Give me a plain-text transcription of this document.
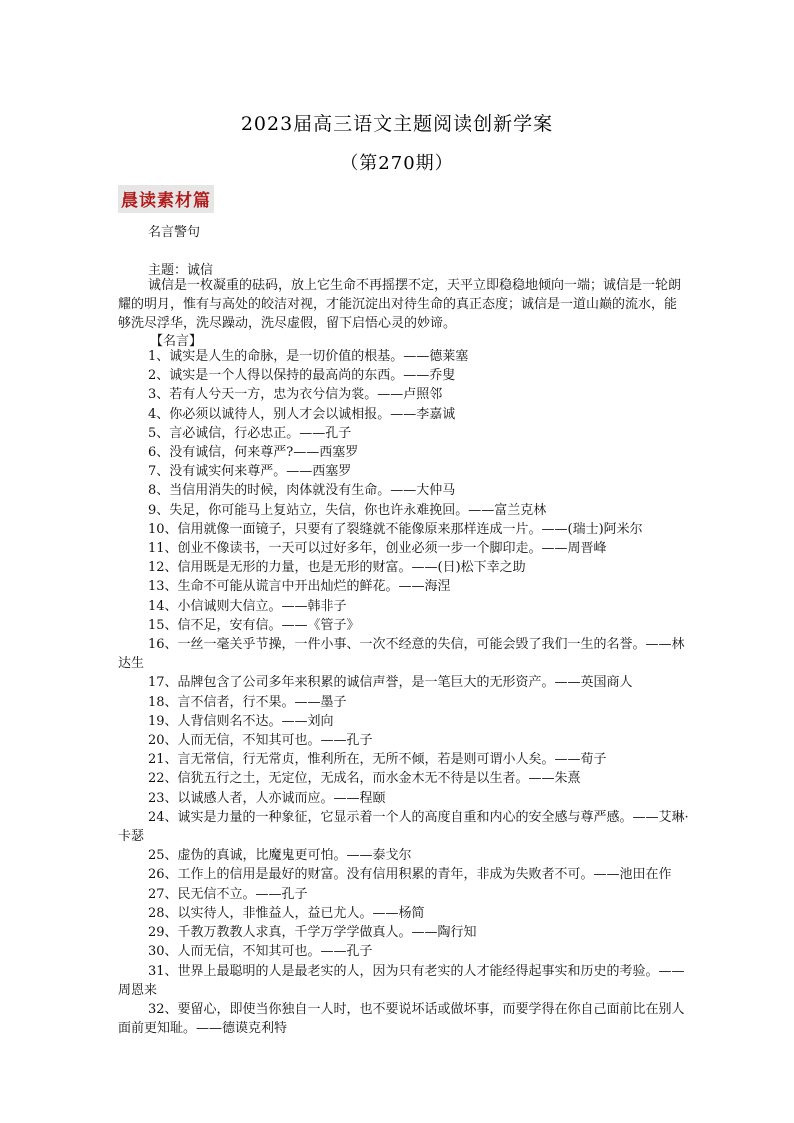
2023届高三语文主题阅读创新学案
（第270期）
晨读素材篇
名言警句
主题：诚信

诚信是一枚凝重的砝码，放上它生命不再摇摆不定，天平立即稳稳地倾向一端；诚信是一轮朗耀的明月，惟有与高处的皎洁对视，才能沉淀出对待生命的真正态度；诚信是一道山巅的流水，能够洗尽浮华，洗尽躁动，洗尽虚假，留下启悟心灵的妙谛。

【名言】
1、诚实是人生的命脉，是一切价值的根基。——德莱塞
2、诚实是一个人得以保持的最高尚的东西。——乔叟
3、若有人兮天一方，忠为衣兮信为裳。——卢照邻
4、你必须以诚待人，别人才会以诚相报。——李嘉诚
5、言必诚信，行必忠正。——孔子
6、没有诚信，何来尊严?——西塞罗
7、没有诚实何来尊严。——西塞罗
8、当信用消失的时候，肉体就没有生命。——大仲马
9、失足，你可能马上复站立，失信，你也许永难挽回。——富兰克林
10、信用就像一面镜子，只要有了裂缝就不能像原来那样连成一片。——(瑞士)阿米尔
11、创业不像读书，一天可以过好多年，创业必须一步一个脚印走。——周晋峰
12、信用既是无形的力量，也是无形的财富。——(日)松下幸之助
13、生命不可能从谎言中开出灿烂的鲜花。——海涅
14、小信诚则大信立。——韩非子
15、信不足，安有信。——《管子》
16、一丝一毫关乎节操，一件小事、一次不经意的失信，可能会毁了我们一生的名誉。——林达生
17、品牌包含了公司多年来积累的诚信声誉，是一笔巨大的无形资产。——英国商人
18、言不信者，行不果。——墨子
19、人背信则名不达。——刘向
20、人而无信，不知其可也。——孔子
21、言无常信，行无常贞，惟利所在，无所不倾，若是则可谓小人矣。——荀子
22、信犹五行之土，无定位，无成名，而水金木无不待是以生者。——朱熹
23、以诚感人者，人亦诚而应。——程颐
24、诚实是力量的一种象征，它显示着一个人的高度自重和内心的安全感与尊严感。——艾琳·卡瑟
25、虚伪的真诚，比魔鬼更可怕。——泰戈尔
26、工作上的信用是最好的财富。没有信用积累的青年，非成为失败者不可。——池田在作
27、民无信不立。——孔子
28、以实待人，非惟益人，益已尤人。——杨简
29、千教万教教人求真，千学万学学做真人。——陶行知
30、人而无信，不知其可也。——孔子
31、世界上最聪明的人是最老实的人，因为只有老实的人才能经得起事实和历史的考验。——周恩来
32、要留心，即使当你独自一人时，也不要说坏话或做坏事，而要学得在你自己面前比在别人面前更知耻。——德谟克利特
